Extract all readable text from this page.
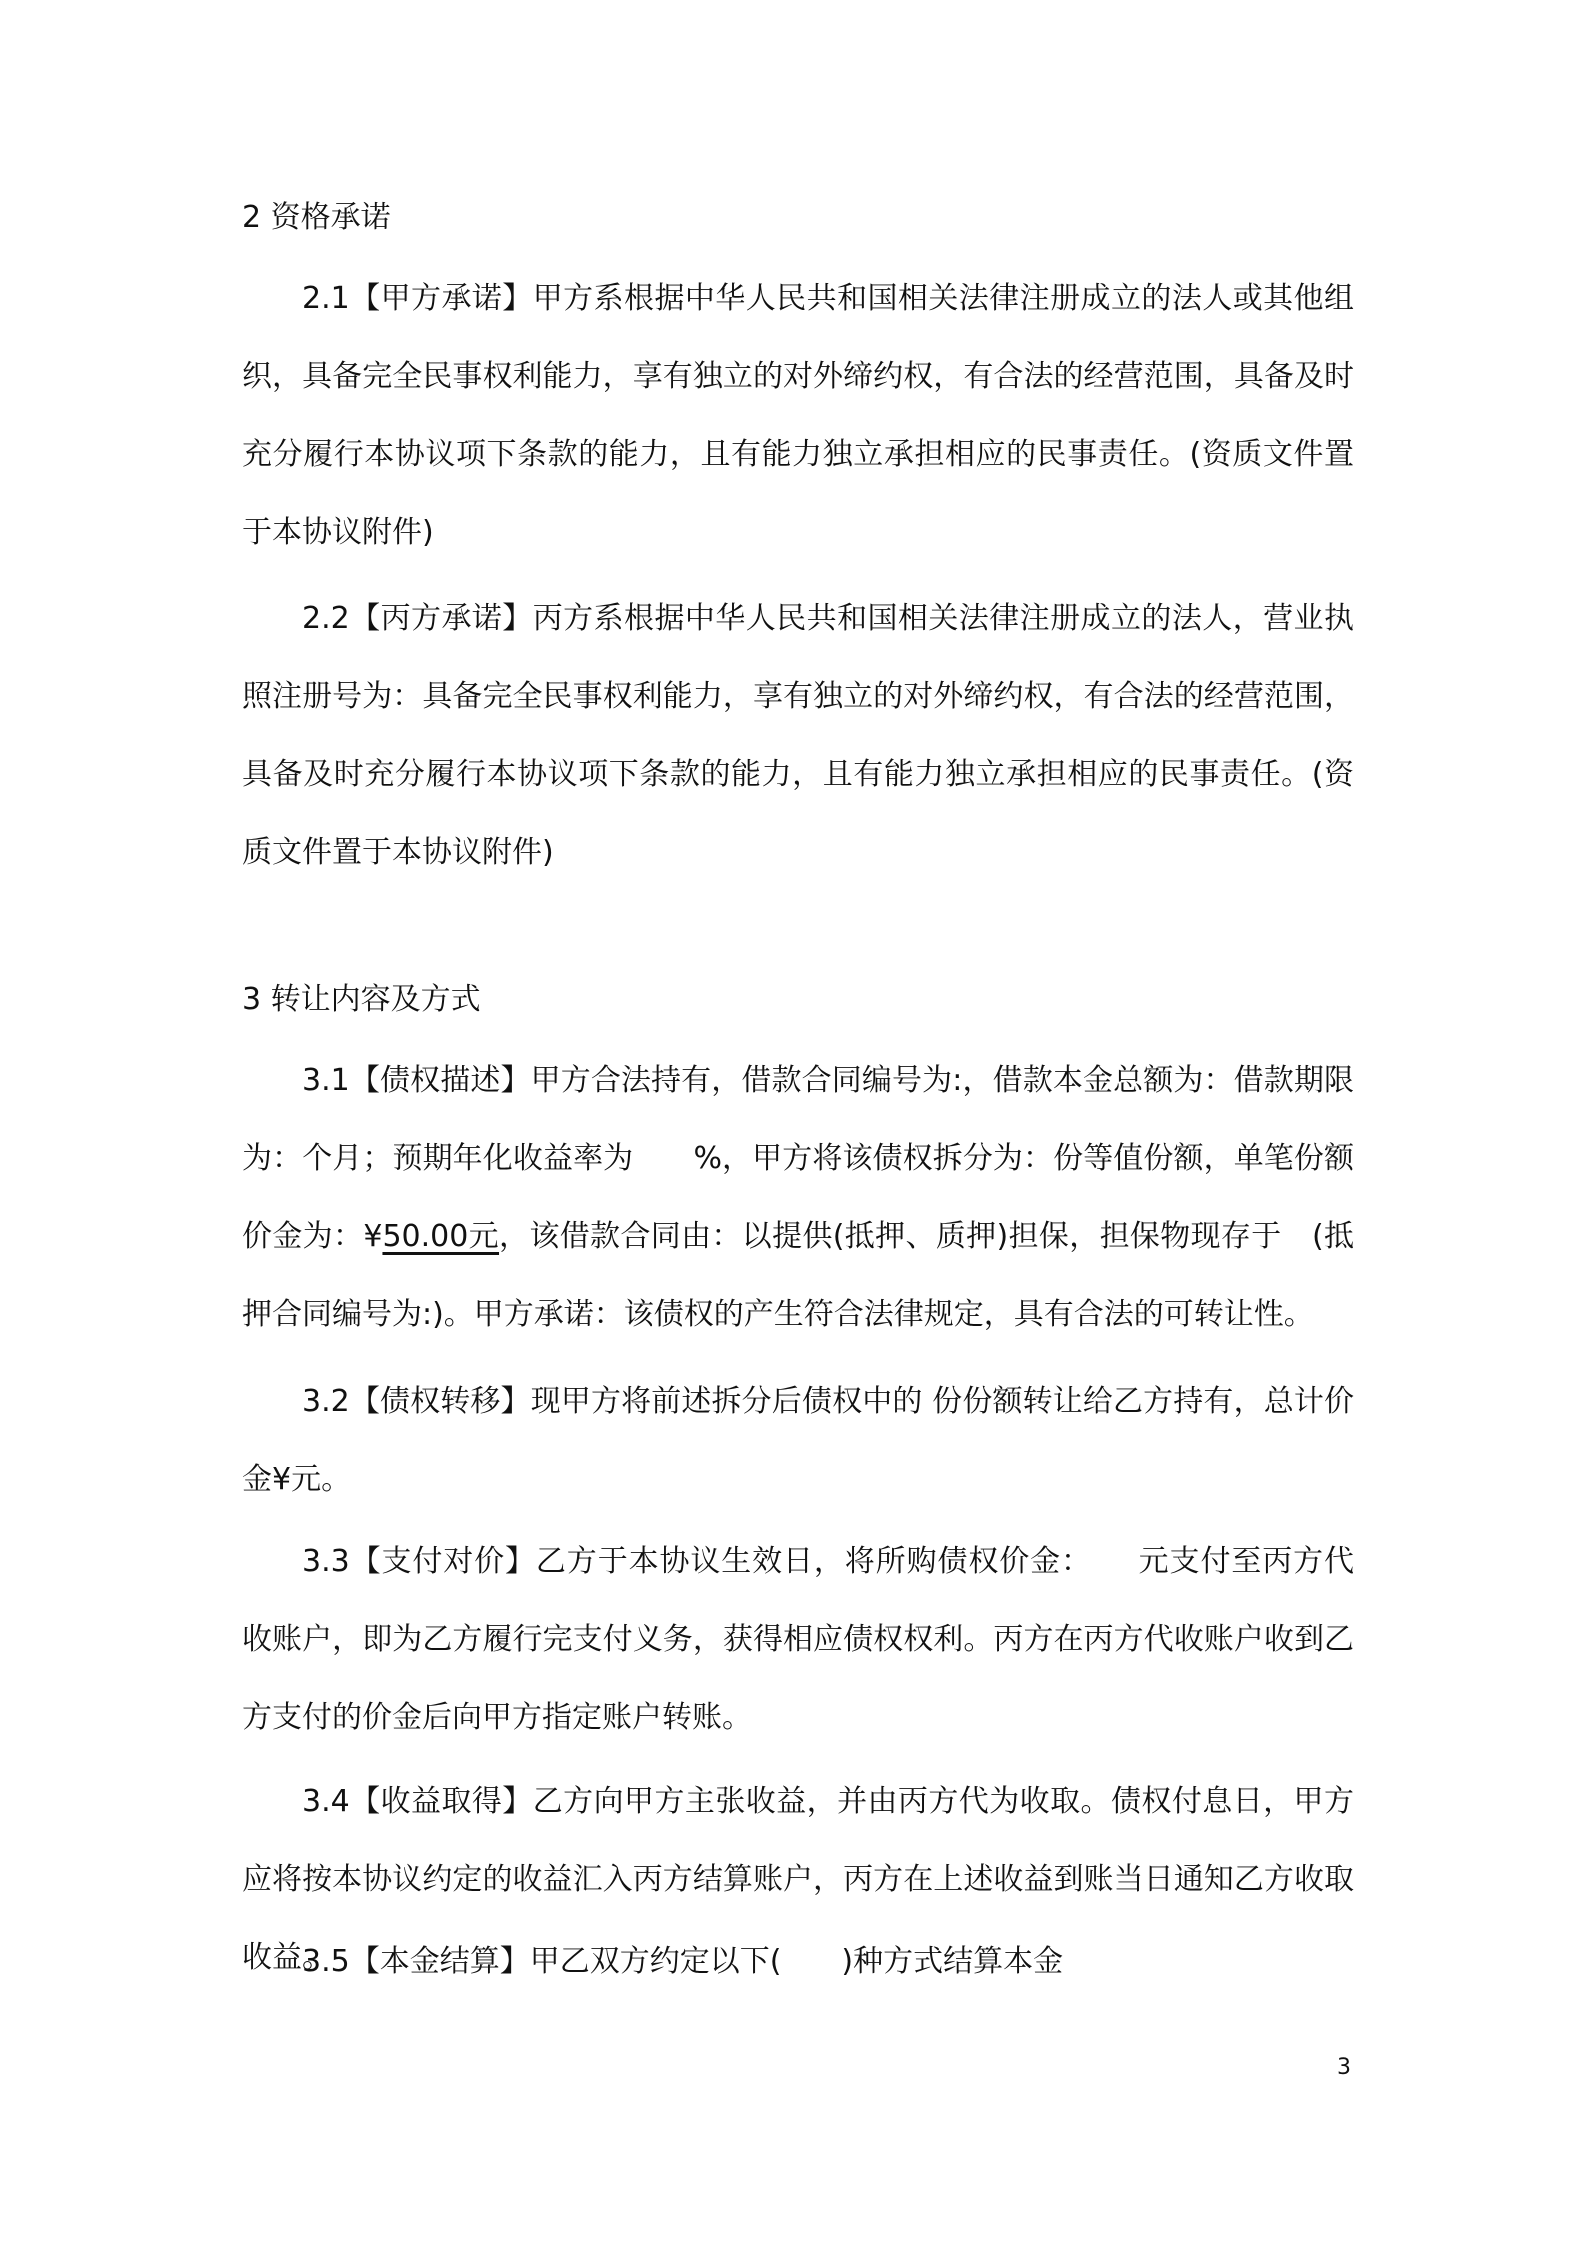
2 资格承诺

2.1【甲方承诺】甲方系根据中华人民共和国相关法律注册成立的法人或其他组织，具备完全民事权利能力，享有独立的对外缔约权，有合法的经营范围，具备及时充分履行本协议项下条款的能力，且有能力独立承担相应的民事责任。(资质文件置于本协议附件)

2.2【丙方承诺】丙方系根据中华人民共和国相关法律注册成立的法人，营业执照注册号为：具备完全民事权利能力，享有独立的对外缔约权，有合法的经营范围，具备及时充分履行本协议项下条款的能力，且有能力独立承担相应的民事责任。(资质文件置于本协议附件)

3 转让内容及方式

3.1【债权描述】甲方合法持有，借款合同编号为:，借款本金总额为：借款期限为：个月；预期年化收益率为　　%，甲方将该债权拆分为：份等值份额，单笔份额价金为：¥50.00元，该借款合同由：以提供(抵押、质押)担保，担保物现存于　(抵押合同编号为:)。甲方承诺：该债权的产生符合法律规定，具有合法的可转让性。

3.2【债权转移】现甲方将前述拆分后债权中的 份份额转让给乙方持有，总计价金¥元。

3.3【支付对价】乙方于本协议生效日，将所购债权价金：　　元支付至丙方代收账户，即为乙方履行完支付义务，获得相应债权权利。丙方在丙方代收账户收到乙方支付的价金后向甲方指定账户转账。

3.4【收益取得】乙方向甲方主张收益，并由丙方代为收取。债权付息日，甲方应将按本协议约定的收益汇入丙方结算账户，丙方在上述收益到账当日通知乙方收取收益。

3.5【本金结算】甲乙双方约定以下(　　)种方式结算本金

3
